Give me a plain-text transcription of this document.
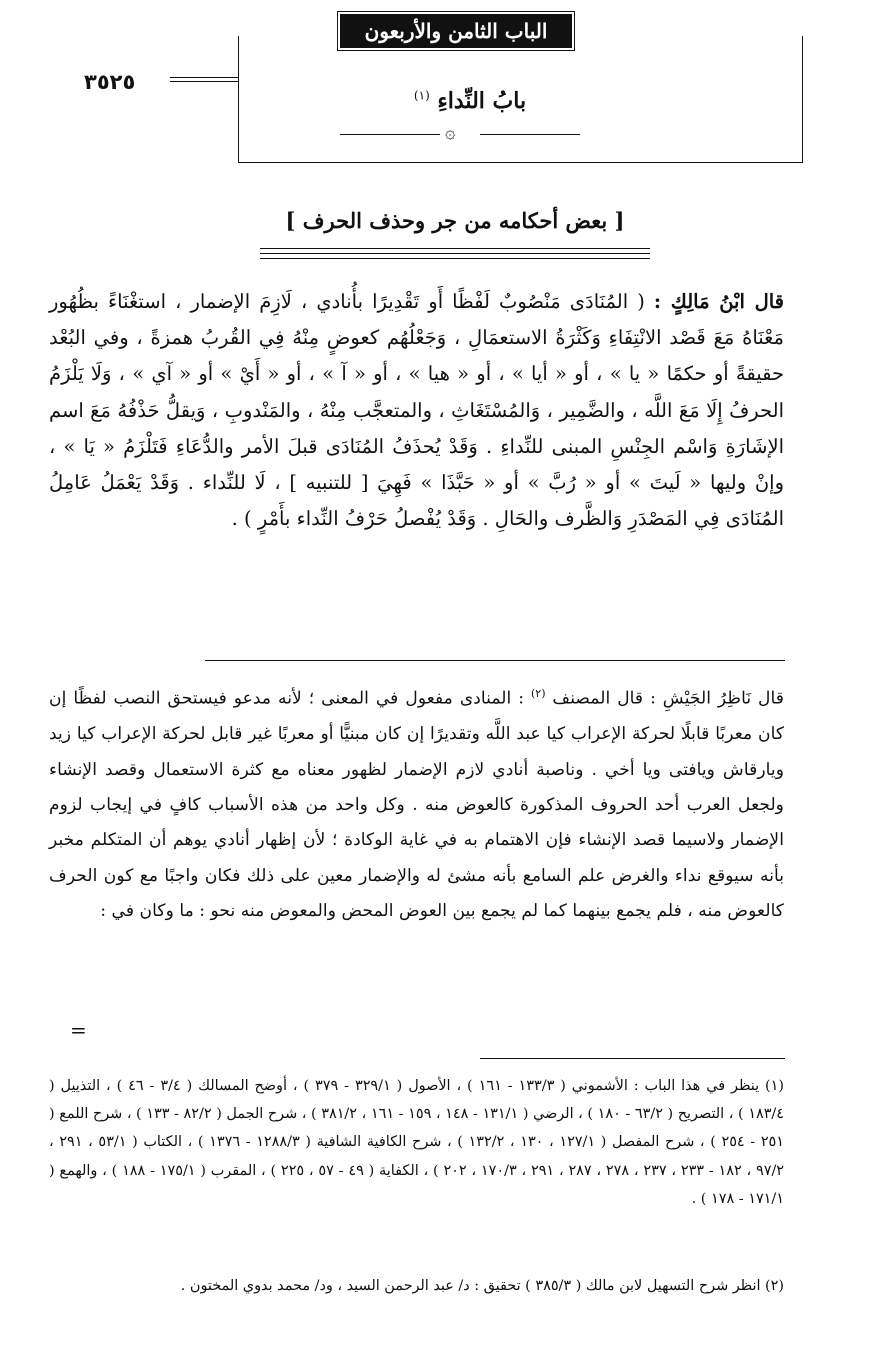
الباب الثامن والأربعون
٣٥٢٥
بابُ النِّداءِ $^{(١)}$
۞
[ بعض أحكامه من جر وحذف الحرف ]

قال ابْنُ مَالِكٍ : ( المُنَادَى مَنْصُوبٌ لَفْظًا أَو تَقْدِيرًا بأُنادي ، لَازِمَ الإضمار ، استغْنَاءً بظُهُور مَعْنَاهُ مَعَ قَصْد الانْتِفَاءِ وَكَثْرَةُ الاستعمَالِ ، وَجَعْلُهُم كعوضٍ مِنْهُ فِي القُربُ همزةً ، وفي البُعْد حقيقةً أو حكمًا « يا » ، أو « أيا » ، أو « هيا » ، أو « آ » ، أو « أَيْ » أو « آي » ، وَلَا يَلْزَمُ الحرفُ إِلَا مَعَ اللَّه ، والضَّمِير ، وَالمُسْتَغَاثِ ، والمتعجَّب مِنْهُ ، والمَنْدوبِ ، وَيقلُّ حَذْفُهُ مَعَ اسم الإشَارَةِ وَاسْم الجِنْسِ المبنى للنِّداءِ . وَقَدْ يُحذَفُ المُنَادَى قبلَ الأمر والدُّعَاءِ فَتَلْزَمُ « يَا » ، وإنْ وليها « لَيتَ » أو « رُبَّ » أو « حَبَّذَا » فَهِيَ [ للتنبيه ] ، لَا للنِّداء . وَقَدْ يَعْمَلُ عَامِلُ المُنَادَى فِي المَصْدَرِ وَالظَّرف والحَالِ . وَقَدْ يُفْصلُ حَرْفُ النِّداء بأَمْرٍ ) .

قال نَاظِرُ الجَيْشِ : قال المصنف $^{(٢)}$ : المنادى مفعول في المعنى ؛ لأنه مدعو فيستحق النصب لفظًا إن كان معربًا قابلًا لحركة الإعراب كيا عبد اللَّه وتقديرًا إن كان مبنيًّا أو معربًا غير قابل لحركة الإعراب كيا زيد ويارقاش ويافتى ويا أخي . وناصبة أنادي لازم الإضمار لظهور معناه مع كثرة الاستعمال وقصد الإنشاء ولجعل العرب أحد الحروف المذكورة كالعوض منه . وكل واحد من هذه الأسباب كافٍ في إيجاب لزوم الإضمار ولاسيما قصد الإنشاء فإن الاهتمام به في غاية الوكادة ؛ لأن إظهار أنادي يوهم أن المتكلم مخبر بأنه سيوقع نداء والغرض علم السامع بأنه مشئ له والإضمار معين على ذلك فكان واجبًا مع كون الحرف كالعوض منه ، فلم يجمع بينهما كما لم يجمع بين العوض المحض والمعوض منه نحو : ما وكان في :

=

(١) ينظر في هذا الباب : الأشموني ( ١٣٣/٣ - ١٦١ ) ، الأصول ( ٣٢٩/١ - ٣٧٩ ) ، أوضح المسالك ( ٣/٤ - ٤٦ ) ، التذييل ( ١٨٣/٤ ) ، التصريح ( ٦٣/٢ - ١٨٠ ) ، الرضي ( ١٣١/١ - ١٤٨ ، ١٥٩ - ١٦١ ، ٣٨١/٢ ) ، شرح الجمل ( ٨٢/٢ - ١٣٣ ) ، شرح اللمع ( ٢٥١ - ٢٥٤ ) ، شرح المفصل ( ١٢٧/١ ، ١٣٠ ، ١٣٢/٢ ) ، شرح الكافية الشافية ( ١٢٨٨/٣ - ١٣٧٦ ) ، الكتاب ( ٥٣/١ ، ٢٩١ ، ٩٧/٢ ، ١٨٢ - ٢٣٣ ، ٢٣٧ ، ٢٧٨ ، ٢٨٧ ، ٢٩١ ، ١٧٠/٣ ، ٢٠٢ ) ، الكفاية ( ٤٩ - ٥٧ ، ٢٢٥ ) ، المقرب ( ١٧٥/١ - ١٨٨ ) ، والهمع ( ١٧١/١ - ١٧٨ ) .

(٢) انظر شرح التسهيل لابن مالك ( ٣٨٥/٣ ) تحقيق : د/ عبد الرحمن السيد ، ود/ محمد بدوي المختون .
